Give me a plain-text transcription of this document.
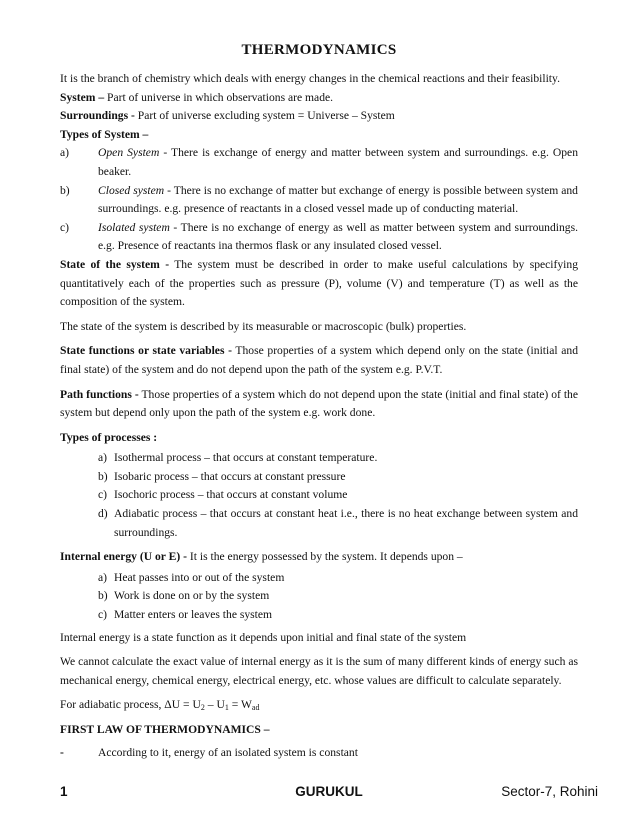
THERMODYNAMICS

It is the branch of chemistry which deals with energy changes in the chemical reactions and their feasibility.

System – Part of universe in which observations are made.

Surroundings - Part of universe excluding system = Universe – System

Types of System –

a)	Open System - There is exchange of energy and matter between system and surroundings. e.g. Open beaker.
b)	Closed system - There is no exchange of matter but exchange of energy is possible between system and surroundings. e.g. presence of reactants in a closed vessel made up of conducting material.
c)	Isolated system - There is no exchange of energy as well as matter between system and surroundings. e.g. Presence of reactants ina thermos flask or any insulated closed vessel.

State of the system - The system must be described in order to make useful calculations by specifying quantitatively each of the properties such as pressure (P), volume (V) and temperature (T) as well as the composition of the system.

The state of the system is described by its measurable or macroscopic (bulk) properties.

State functions or state variables - Those properties of a system which depend only on the state (initial and final state) of the system and do not depend upon the path of the system e.g. P.V.T.

Path functions - Those properties of a system which do not depend upon the state (initial and final state) of the system but depend only upon the path of the system e.g. work done.

Types of processes :

a) Isothermal process – that occurs at constant temperature.
b) Isobaric process – that occurs at constant pressure
c) Isochoric process – that occurs at constant volume
d) Adiabatic process – that occurs at constant heat i.e., there is no heat exchange between system and surroundings.

Internal energy (U or E) - It is the energy possessed by the system. It depends upon –

a) Heat passes into or out of the system
b) Work is done on or by the system
c) Matter enters or leaves the system

Internal energy is a state function as it depends upon initial and final state of the system

We cannot calculate the exact value of internal energy as it is the sum of many different kinds of energy such as mechanical energy, chemical energy, electrical energy, etc. whose values are difficult to calculate separately.

For adiabatic process, $\Delta U = U_2 - U_1 = W_{ad}$

FIRST LAW OF THERMODYNAMICS –

-	According to it, energy of an isolated system is constant
1	GURUKUL	Sector-7, Rohini
